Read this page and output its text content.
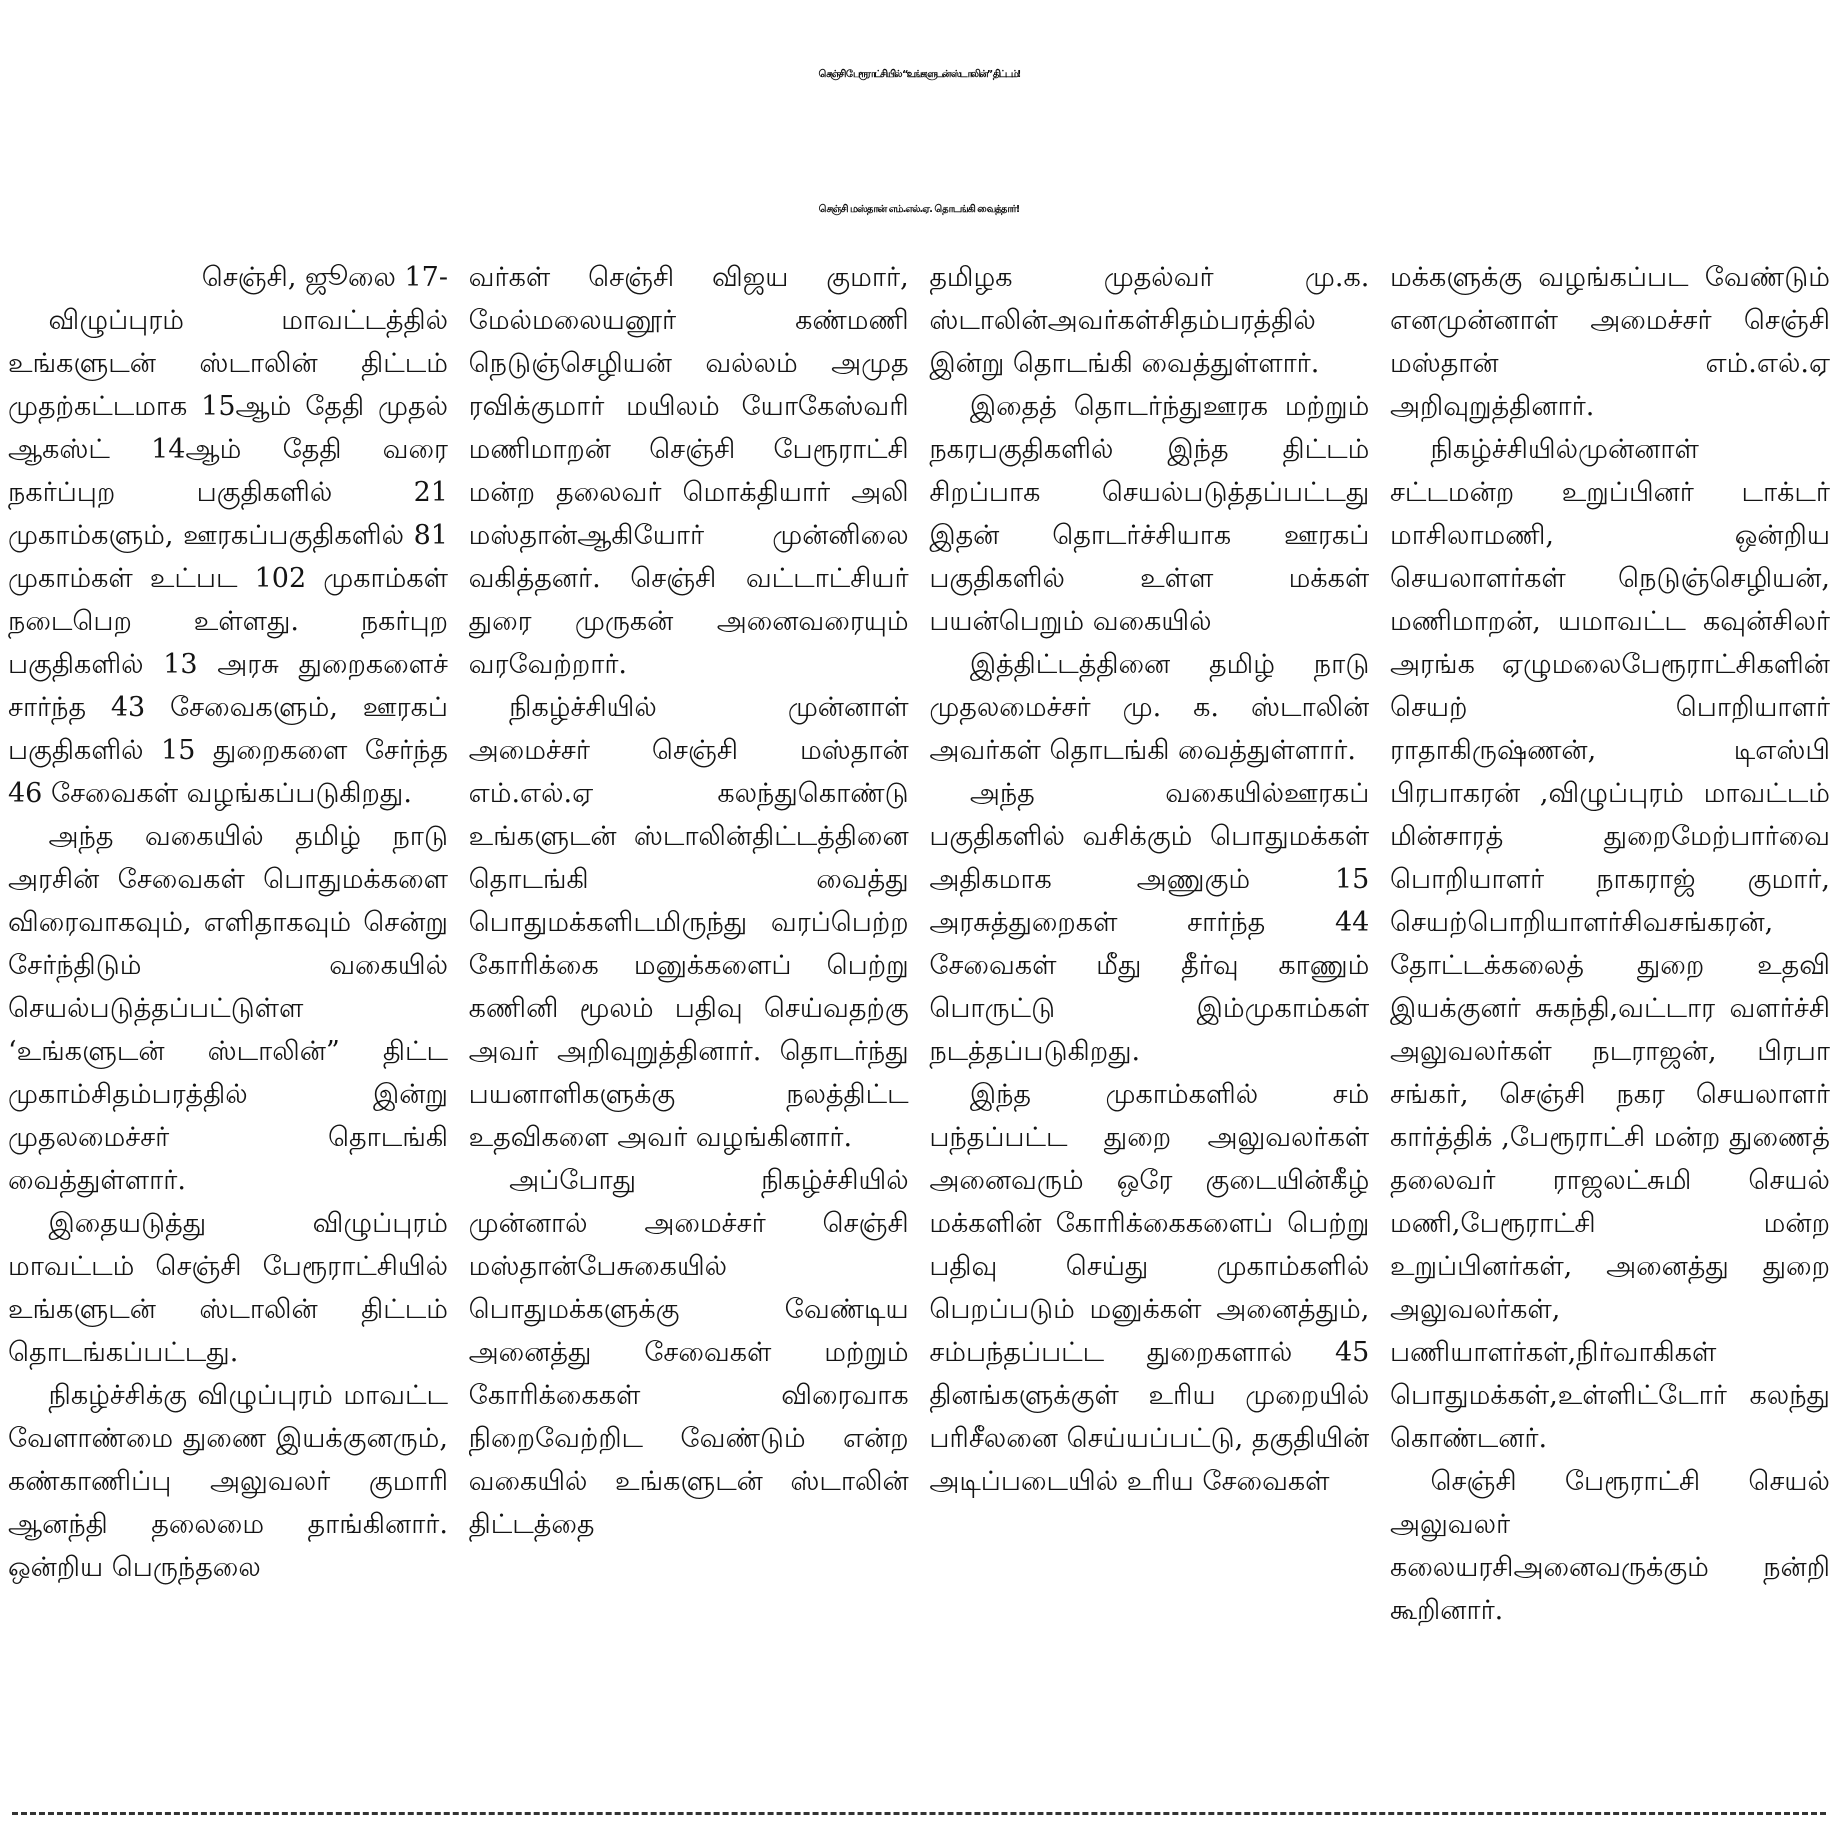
செஞ்சி பேரூராட்சியில் “உங்களுடன் ஸ்டாலின்” திட்டம்!
செஞ்சி மஸ்தான் எம்.எல்.ஏ. தொடங்கி வைத்தார்!

செஞ்சி, ஜூலை 17-

விழுப்புரம் மாவட்டத்தில் உங்களுடன் ஸ்டாலின் திட்டம் முதற்கட்டமாக 15ஆம் தேதி முதல் ஆகஸ்ட் 14ஆம் தேதி வரை நகர்ப்புற பகுதிகளில் 21 முகாம்களும், ஊரகப்பகுதிகளில் 81 முகாம்கள் உட்பட 102 முகாம்கள் நடைபெற உள்ளது. நகர்புற பகுதிகளில் 13 அரசு துறைகளைச் சார்ந்த 43 சேவைகளும், ஊரகப் பகுதிகளில் 15 துறைகளை சேர்ந்த 46 சேவைகள் வழங்கப்படுகிறது.

அந்த வகையில் தமிழ் நாடு அரசின் சேவைகள் பொதுமக்களை விரைவாகவும், எளிதாகவும் சென்று சேர்ந்திடும் வகையில் செயல்படுத்தப்பட்டுள்ள ‘உங்களுடன் ஸ்டாலின்” திட்ட முகாம்சிதம்பரத்தில் இன்று முதலமைச்சர் தொடங்கி வைத்துள்ளார்.

இதையடுத்து விழுப்புரம் மாவட்டம் செஞ்சி பேரூராட்சியில் உங்களுடன் ஸ்டாலின் திட்டம் தொடங்கப்பட்டது.

நிகழ்ச்சிக்கு விழுப்புரம் மாவட்ட வேளாண்மை துணை இயக்குனரும், கண்காணிப்பு அலுவலர் குமாரி ஆனந்தி தலைமை தாங்கினார். ஒன்றிய பெருந்தலை

வர்கள் செஞ்சி விஜய குமார், மேல்மலையனூர் கண்மணி நெடுஞ்செழியன் வல்லம் அமுத ரவிக்குமார் மயிலம் யோகேஸ்வரி மணிமாறன் செஞ்சி பேரூராட்சி மன்ற தலைவர் மொக்தியார் அலி மஸ்தான்ஆகியோர் முன்னிலை வகித்தனர். செஞ்சி வட்டாட்சியர் துரை முருகன் அனைவரையும் வரவேற்றார்.

நிகழ்ச்சியில் முன்னாள் அமைச்சர் செஞ்சி மஸ்தான் எம்.எல்.ஏ கலந்துகொண்டு உங்களுடன் ஸ்டாலின்திட்டத்தினை தொடங்கி வைத்து பொதுமக்களிடமிருந்து வரப்பெற்ற கோரிக்கை மனுக்களைப் பெற்று கணினி மூலம் பதிவு செய்வதற்கு அவர் அறிவுறுத்தினார். தொடர்ந்து பயனாளிகளுக்கு நலத்திட்ட உதவிகளை அவர் வழங்கினார்.

அப்போது நிகழ்ச்சியில் முன்னால் அமைச்சர் செஞ்சி மஸ்தான்பேசுகையில் பொதுமக்களுக்கு வேண்டிய அனைத்து சேவைகள் மற்றும் கோரிக்கைகள் விரைவாக நிறைவேற்றிட வேண்டும் என்ற வகையில் உங்களுடன் ஸ்டாலின் திட்டத்தை

தமிழக முதல்வர் மு.க. ஸ்டாலின்அவர்கள்சிதம்பரத்தில் இன்று தொடங்கி வைத்துள்ளார்.

இதைத் தொடர்ந்துஊரக மற்றும் நகரபகுதிகளில் இந்த திட்டம் சிறப்பாக செயல்படுத்தப்பட்டது இதன் தொடர்ச்சியாக ஊரகப் பகுதிகளில் உள்ள மக்கள் பயன்பெறும் வகையில்

இத்திட்டத்தினை தமிழ் நாடு முதலமைச்சர் மு. க. ஸ்டாலின் அவர்கள் தொடங்கி வைத்துள்ளார்.

அந்த வகையில்ஊரகப் பகுதிகளில் வசிக்கும் பொதுமக்கள் அதிகமாக அணுகும் 15 அரசுத்துறைகள் சார்ந்த 44 சேவைகள் மீது தீர்வு காணும் பொருட்டு இம்முகாம்கள் நடத்தப்படுகிறது.

இந்த முகாம்களில் சம் பந்தப்பட்ட துறை அலுவலர்கள் அனைவரும் ஒரே குடையின்கீழ் மக்களின் கோரிக்கைகளைப் பெற்று பதிவு செய்து முகாம்களில் பெறப்படும் மனுக்கள் அனைத்தும், சம்பந்தப்பட்ட துறைகளால் 45 தினங்களுக்குள் உரிய முறையில் பரிசீலனை செய்யப்பட்டு, தகுதியின் அடிப்படையில் உரிய சேவைகள்

மக்களுக்கு வழங்கப்பட வேண்டும் எனமுன்னாள் அமைச்சர் செஞ்சி மஸ்தான் எம்.எல்.ஏ அறிவுறுத்தினார்.

நிகழ்ச்சியில்முன்னாள் சட்டமன்ற உறுப்பினர் டாக்டர் மாசிலாமணி, ஒன்றிய செயலாளர்கள் நெடுஞ்செழியன், மணிமாறன், யமாவட்ட கவுன்சிலர் அரங்க ஏழுமலைபேரூராட்சிகளின் செயற் பொறியாளர் ராதாகிருஷ்ணன், டிஎஸ்பி பிரபாகரன் ,விழுப்புரம் மாவட்டம் மின்சாரத் துறைமேற்பார்வை பொறியாளர் நாகராஜ் குமார், செயற்பொறியாளர்சிவசங்கரன், தோட்டக்கலைத் துறை உதவி இயக்குனர் சுகந்தி,வட்டார வளர்ச்சி அலுவலர்கள் நடராஜன், பிரபா சங்கர், செஞ்சி நகர செயலாளர் கார்த்திக் ,பேரூராட்சி மன்ற துணைத் தலைவர் ராஜலட்சுமி செயல் மணி,பேரூராட்சி மன்ற உறுப்பினர்கள், அனைத்து துறை அலுவலர்கள், பணியாளர்கள்,நிர்வாகிகள் பொதுமக்கள்,உள்ளிட்டோர் கலந்து கொண்டனர்.

செஞ்சி பேரூராட்சி செயல் அலுவலர் கலையரசிஅனைவருக்கும் நன்றி கூறினார்.
